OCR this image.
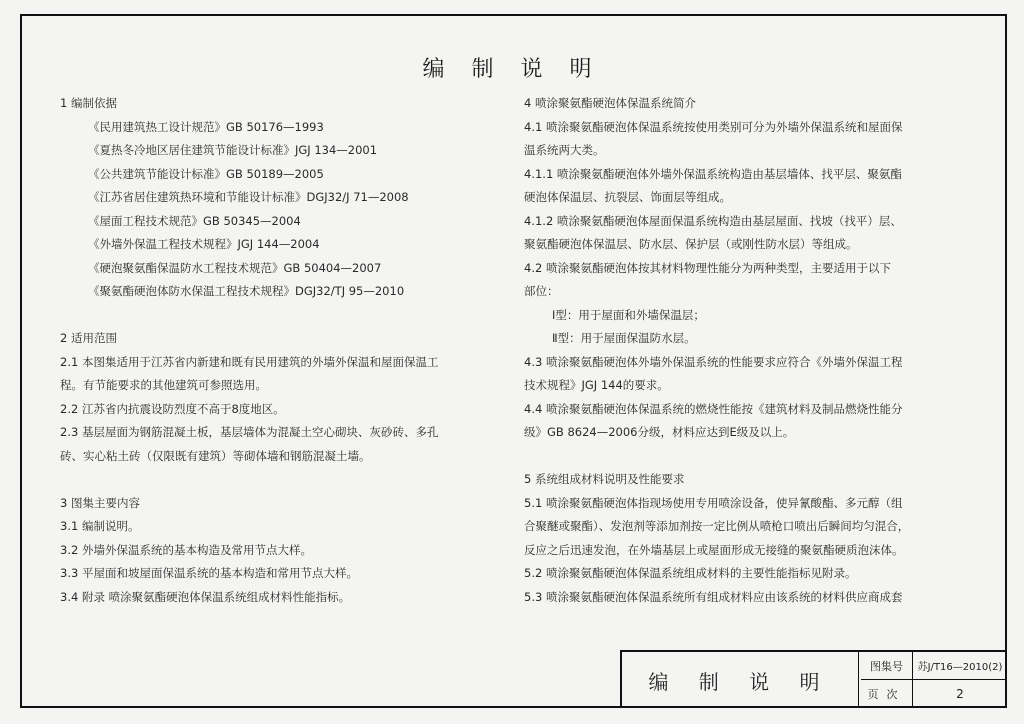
编 制 说 明
1 编制依据
《民用建筑热工设计规范》GB 50176—1993
《夏热冬冷地区居住建筑节能设计标准》JGJ 134—2001
《公共建筑节能设计标准》GB 50189—2005
《江苏省居住建筑热环境和节能设计标准》DGJ32/J 71—2008
《屋面工程技术规范》GB 50345—2004
《外墙外保温工程技术规程》JGJ 144—2004
《硬泡聚氨酯保温防水工程技术规范》GB 50404—2007
《聚氨酯硬泡体防水保温工程技术规程》DGJ32/TJ 95—2010
2 适用范围
2.1 本图集适用于江苏省内新建和既有民用建筑的外墙外保温和屋面保温工
程。有节能要求的其他建筑可参照选用。
2.2 江苏省内抗震设防烈度不高于8度地区。
2.3 基层屋面为钢筋混凝土板，基层墙体为混凝土空心砌块、灰砂砖、多孔
砖、实心粘土砖（仅限既有建筑）等砌体墙和钢筋混凝土墙。
3 图集主要内容
3.1 编制说明。
3.2 外墙外保温系统的基本构造及常用节点大样。
3.3 平屋面和坡屋面保温系统的基本构造和常用节点大样。
3.4 附录 喷涂聚氨酯硬泡体保温系统组成材料性能指标。
4 喷涂聚氨酯硬泡体保温系统简介
4.1 喷涂聚氨酯硬泡体保温系统按使用类别可分为外墙外保温系统和屋面保
温系统两大类。
4.1.1 喷涂聚氨酯硬泡体外墙外保温系统构造由基层墙体、找平层、聚氨酯
硬泡体保温层、抗裂层、饰面层等组成。
4.1.2 喷涂聚氨酯硬泡体屋面保温系统构造由基层屋面、找坡（找平）层、
聚氨酯硬泡体保温层、防水层、保护层（或刚性防水层）等组成。
4.2 喷涂聚氨酯硬泡体按其材料物理性能分为两种类型，主要适用于以下
部位：
Ⅰ型：用于屋面和外墙保温层；
Ⅱ型：用于屋面保温防水层。
4.3 喷涂聚氨酯硬泡体外墙外保温系统的性能要求应符合《外墙外保温工程
技术规程》JGJ 144的要求。
4.4 喷涂聚氨酯硬泡体保温系统的燃烧性能按《建筑材料及制品燃烧性能分
级》GB 8624—2006分级，材料应达到E级及以上。
5 系统组成材料说明及性能要求
5.1 喷涂聚氨酯硬泡体指现场使用专用喷涂设备，使异氰酸酯、多元醇（组
合聚醚或聚酯）、发泡剂等添加剂按一定比例从喷枪口喷出后瞬间均匀混合，
反应之后迅速发泡，在外墙基层上或屋面形成无接缝的聚氨酯硬质泡沫体。
5.2 喷涂聚氨酯硬泡体保温系统组成材料的主要性能指标见附录。
5.3 喷涂聚氨酯硬泡体保温系统所有组成材料应由该系统的材料供应商成套
编 制 说 明
图集号	苏J/T16—2010(2)
页次	2
